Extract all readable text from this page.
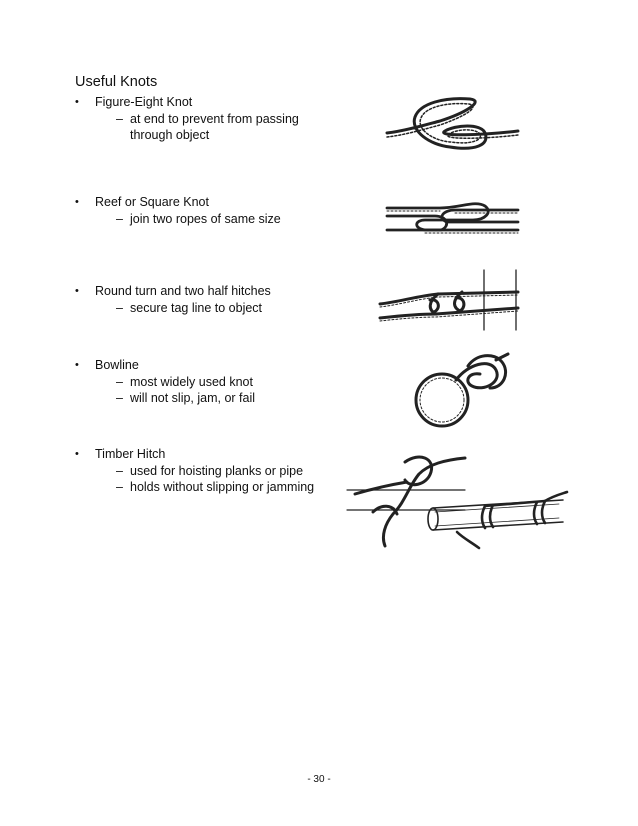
Useful Knots
• Figure-Eight Knot
– at end to prevent from passing through object
• Reef or Square Knot
– join two ropes of same size
• Round turn and two half hitches
– secure tag line to object
• Bowline
– most widely used knot
– will not slip, jam, or fail
• Timber Hitch
– used for hoisting planks or pipe
– holds without slipping or jamming

- 30 -
